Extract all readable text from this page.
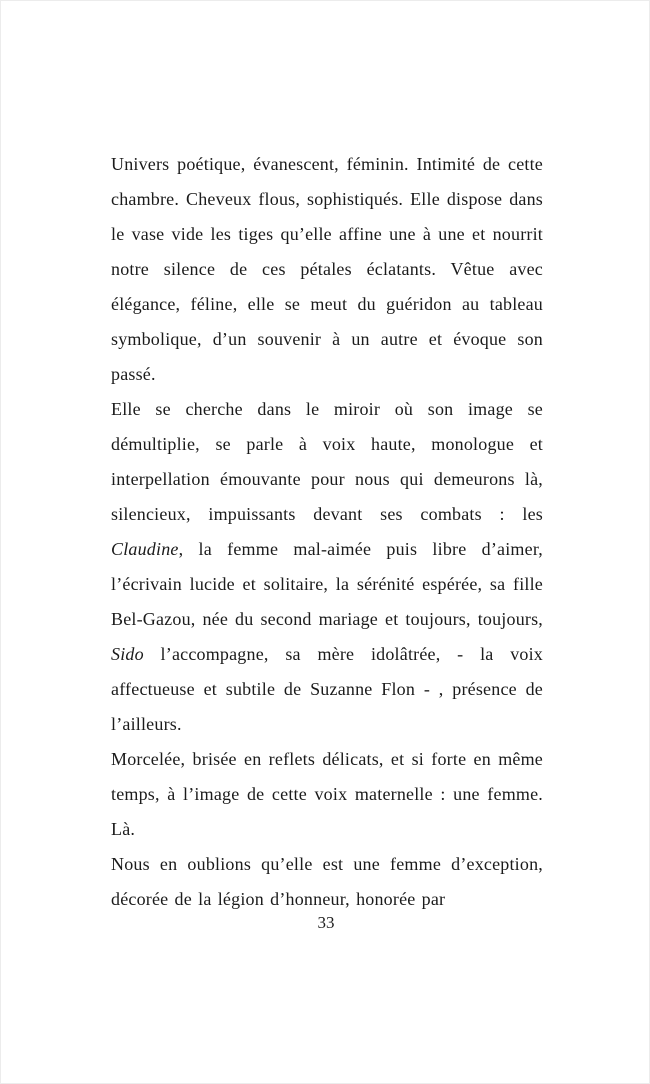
Univers poétique, évanescent, féminin. Intimité de cette chambre. Cheveux flous, sophistiqués. Elle dispose dans le vase vide les tiges qu’elle affine une à une et nourrit notre silence de ces pétales éclatants. Vêtue avec élégance, féline, elle se meut du guéridon au tableau symbolique, d’un souvenir à un autre et évoque son passé.

Elle se cherche dans le miroir où son image se démultiplie, se parle à voix haute, monologue et interpellation émouvante pour nous qui demeurons là, silencieux, impuissants devant ses combats : les Claudine, la femme mal-aimée puis libre d’aimer, l’écrivain lucide et solitaire, la sérénité espérée, sa fille Bel-Gazou, née du second mariage et toujours, toujours, Sido l’accompagne, sa mère idolâtrée, - la voix affectueuse et subtile de Suzanne Flon - , présence de l’ailleurs.

Morcelée, brisée en reflets délicats, et si forte en même temps, à l’image de cette voix maternelle : une femme. Là.

Nous en oublions qu’elle est une femme d’exception, décorée de la légion d’honneur, honorée par

33
